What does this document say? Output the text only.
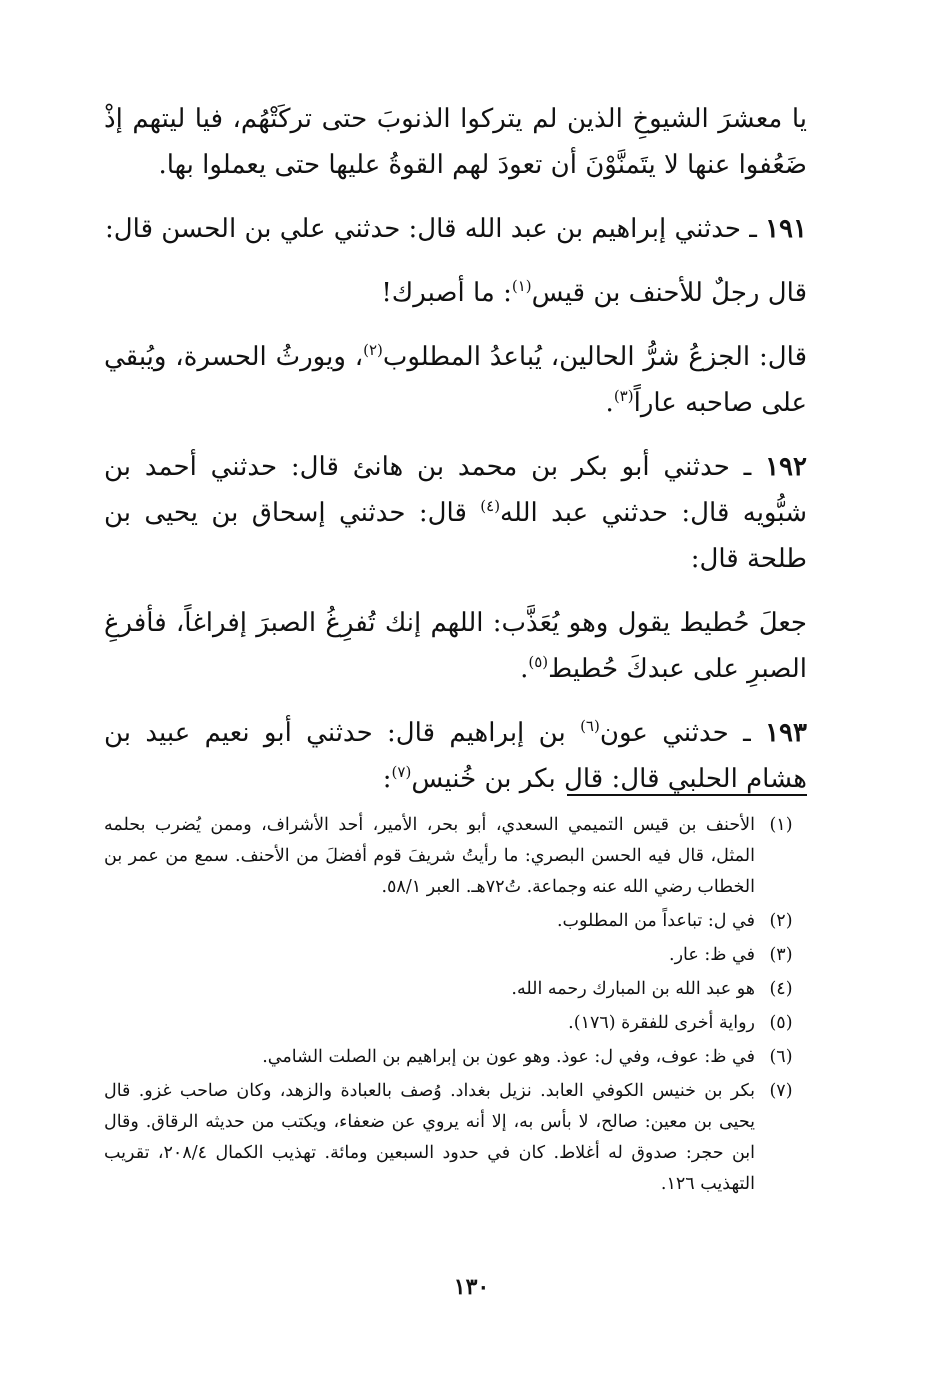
يا معشرَ الشيوخِ الذين لم يتركوا الذنوبَ حتى تركَتْهُم، فيا ليتهم إذْ ضَعُفوا عنها لا يتَمنَّوْنَ أن تعودَ لهم القوةُ عليها حتى يعملوا بها.

١٩١ ـ حدثني إبراهيم بن عبد الله قال: حدثني علي بن الحسن قال:

قال رجلٌ للأحنف بن قيس$^{(١)}$: ما أصبرك!

قال: الجزعُ شرُّ الحالين، يُباعدُ المطلوب$^{(٢)}$، ويورثُ الحسرة، ويُبقي على صاحبه عاراً$^{(٣)}$.

١٩٢ ـ حدثني أبو بكر بن محمد بن هانئ قال: حدثني أحمد بن شبُّويه قال: حدثني عبد الله$^{(٤)}$ قال: حدثني إسحاق بن يحيى بن طلحة قال:

جعلَ حُطيط يقول وهو يُعَذَّب: اللهم إنك تُفرِغُ الصبرَ إفراغاً، فأفرغِ الصبرِ على عبدكَ حُطيط$^{(٥)}$.

١٩٣ ـ حدثني عون$^{(٦)}$ بن إبراهيم قال: حدثني أبو نعيم عبيد بن هشام الحلبي قال: قال بكر بن خُنيس$^{(٧)}$:

(١)
الأحنف بن قيس التميمي السعدي، أبو بحر، الأمير، أحد الأشراف، وممن يُضرب بحلمه المثل، قال فيه الحسن البصري: ما رأيتُ شريفَ قوم أفضلَ من الأحنف. سمع من عمر بن الخطاب رضي الله عنه وجماعة. تُ٧٢هـ. العبر ٥٨/١.
(٢)
في ل: تباعداً من المطلوب.
(٣)
في ظ: عار.
(٤)
هو عبد الله بن المبارك رحمه الله.
(٥)
رواية أخرى للفقرة (١٧٦).
(٦)
في ظ: عوف، وفي ل: عوذ. وهو عون بن إبراهيم بن الصلت الشامي.
(٧)
بكر بن خنيس الكوفي العابد. نزيل بغداد. وُصف بالعبادة والزهد، وكان صاحب غزو. قال يحيى بن معين: صالح، لا بأس به، إلا أنه يروي عن ضعفاء، ويكتب من حديثه الرقاق. وقال ابن حجر: صدوق له أغلاط. كان في حدود السبعين ومائة. تهذيب الكمال ٢٠٨/٤، تقريب التهذيب ١٢٦.
١٣٠
